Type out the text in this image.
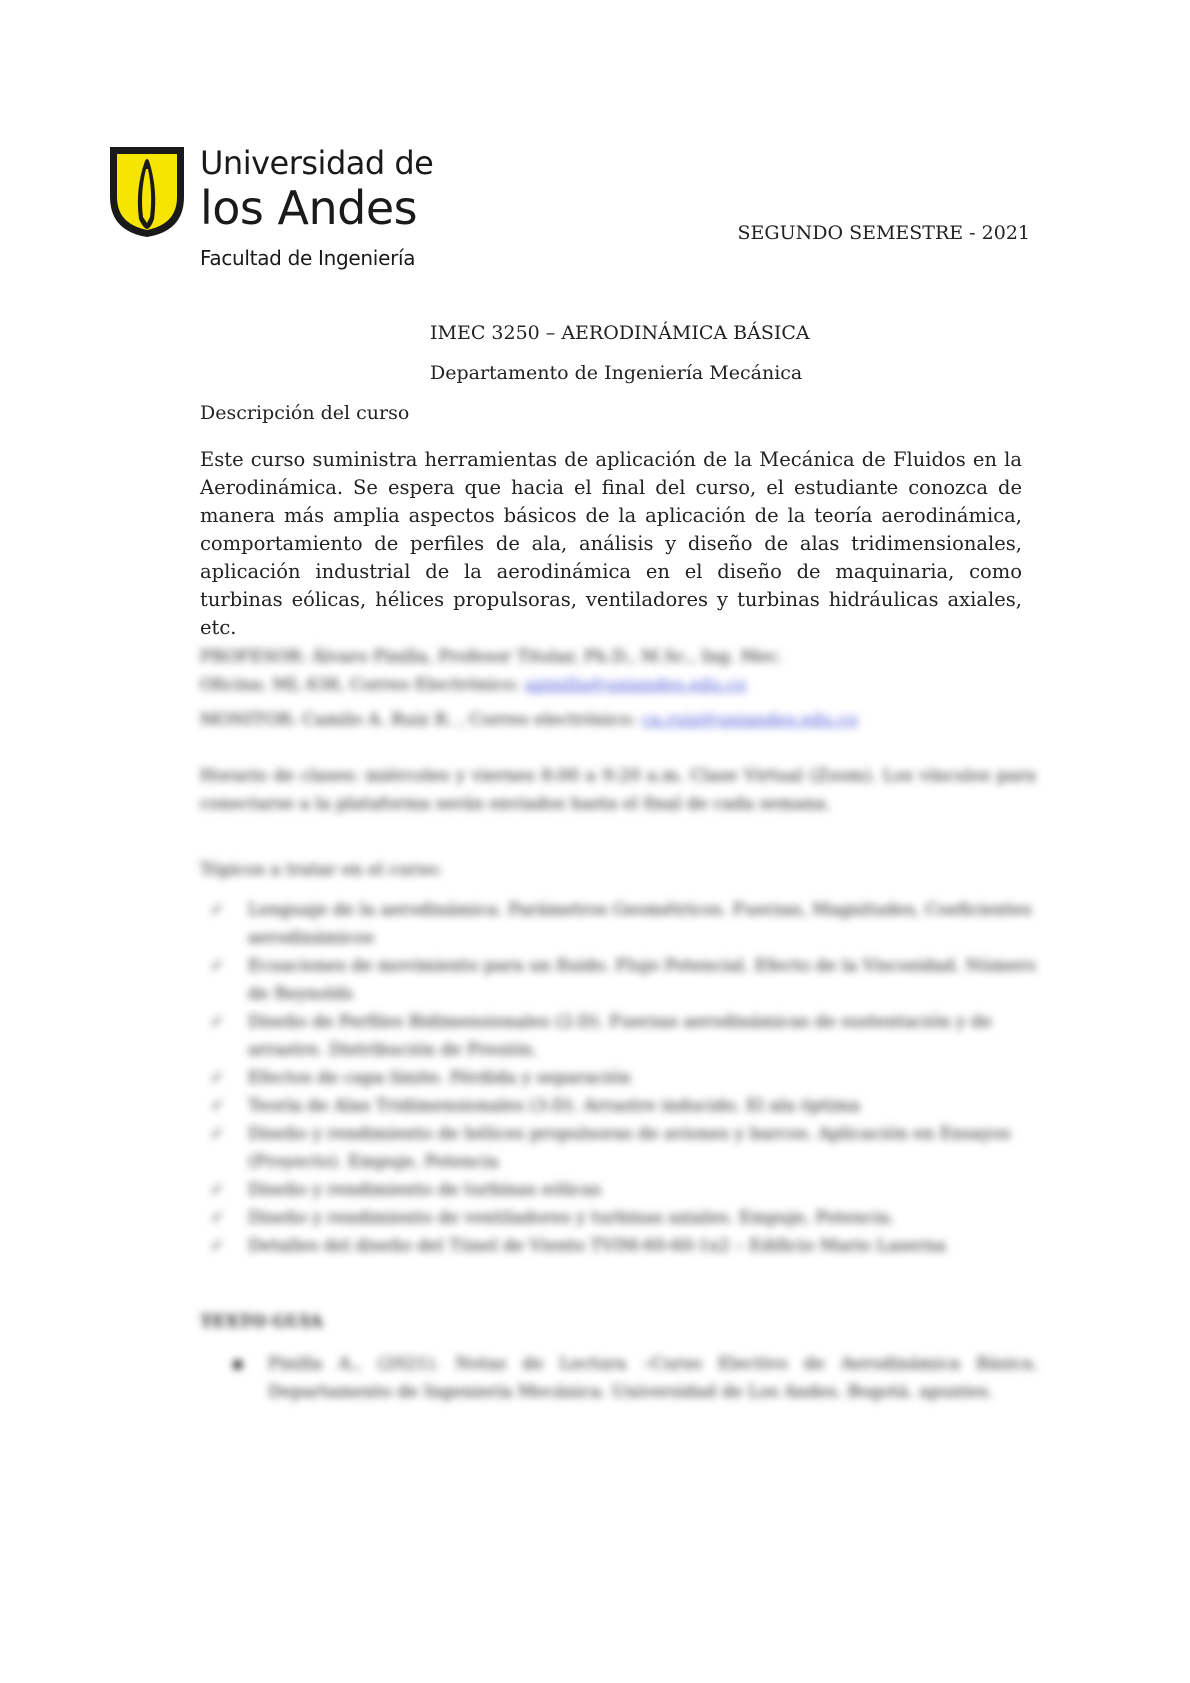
Universidad de

los Andes

Facultad de Ingeniería

SEGUNDO SEMESTRE - 2021

IMEC 3250 – AERODINÁMICA BÁSICA

Departamento de Ingeniería Mecánica

Descripción del curso

Este curso suministra herramientas de aplicación de la Mecánica de Fluidos en la Aerodinámica. Se espera que hacia el final del curso, el estudiante conozca de manera más amplia aspectos básicos de la aplicación de la teoría aerodinámica, comportamiento de perfiles de ala, análisis y diseño de alas tridimensionales, aplicación industrial de la aerodinámica en el diseño de maquinaria, como turbinas eólicas, hélices propulsoras, ventiladores y turbinas hidráulicas axiales, etc.

PROFESOR: Álvaro Pinilla, Profesor Titular, Ph.D., M.Sc., Ing. Mec.
Oficina: ML 638, Correo Electrónico: apinilla@uniandes.edu.co
MONITOR: Camilo A. Ruiz R. , Correo electrónico: ca.ruiz@uniandes.edu.co

Horario de clases: miércoles y viernes 8:00 a 9:20 a.m. Clase Virtual (Zoom). Los vínculos para conectarse a la plataforma serán enviados hasta el final de cada semana.

Tópicos a tratar en el curso:

✓ Lenguaje de la aerodinámica. Parámetros Geométricos. Fuerzas, Magnitudes, Coeficientes aerodinámicos
✓ Ecuaciones de movimiento para un fluido. Flujo Potencial. Efecto de la Viscosidad. Número de Reynolds
✓ Diseño de Perfiles Bidimensionales (2-D). Fuerzas aerodinámicas de sustentación y de arrastre. Distribución de Presión.
✓ Efectos de capa límite. Pérdida y separación
✓ Teoría de Alas Tridimensionales (3-D). Arrastre inducido. El ala óptima
✓ Diseño y rendimiento de hélices propulsoras de aviones y barcos. Aplicación en Ensayos (Proyecto). Empuje, Potencia
✓ Diseño y rendimiento de turbinas eólicas
✓ Diseño y rendimiento de ventiladores y turbinas axiales. Empuje, Potencia.
✓ Detalles del diseño del Túnel de Viento TVIM-60-60-1x2 – Edificio Mario Laserna

TEXTO GUIA

▪ Pinilla A., (2021). Notas de Lectura –Curso Electivo de Aerodinámica Básica. Departamento de Ingeniería Mecánica. Universidad de Los Andes. Bogotá. apuntes.
